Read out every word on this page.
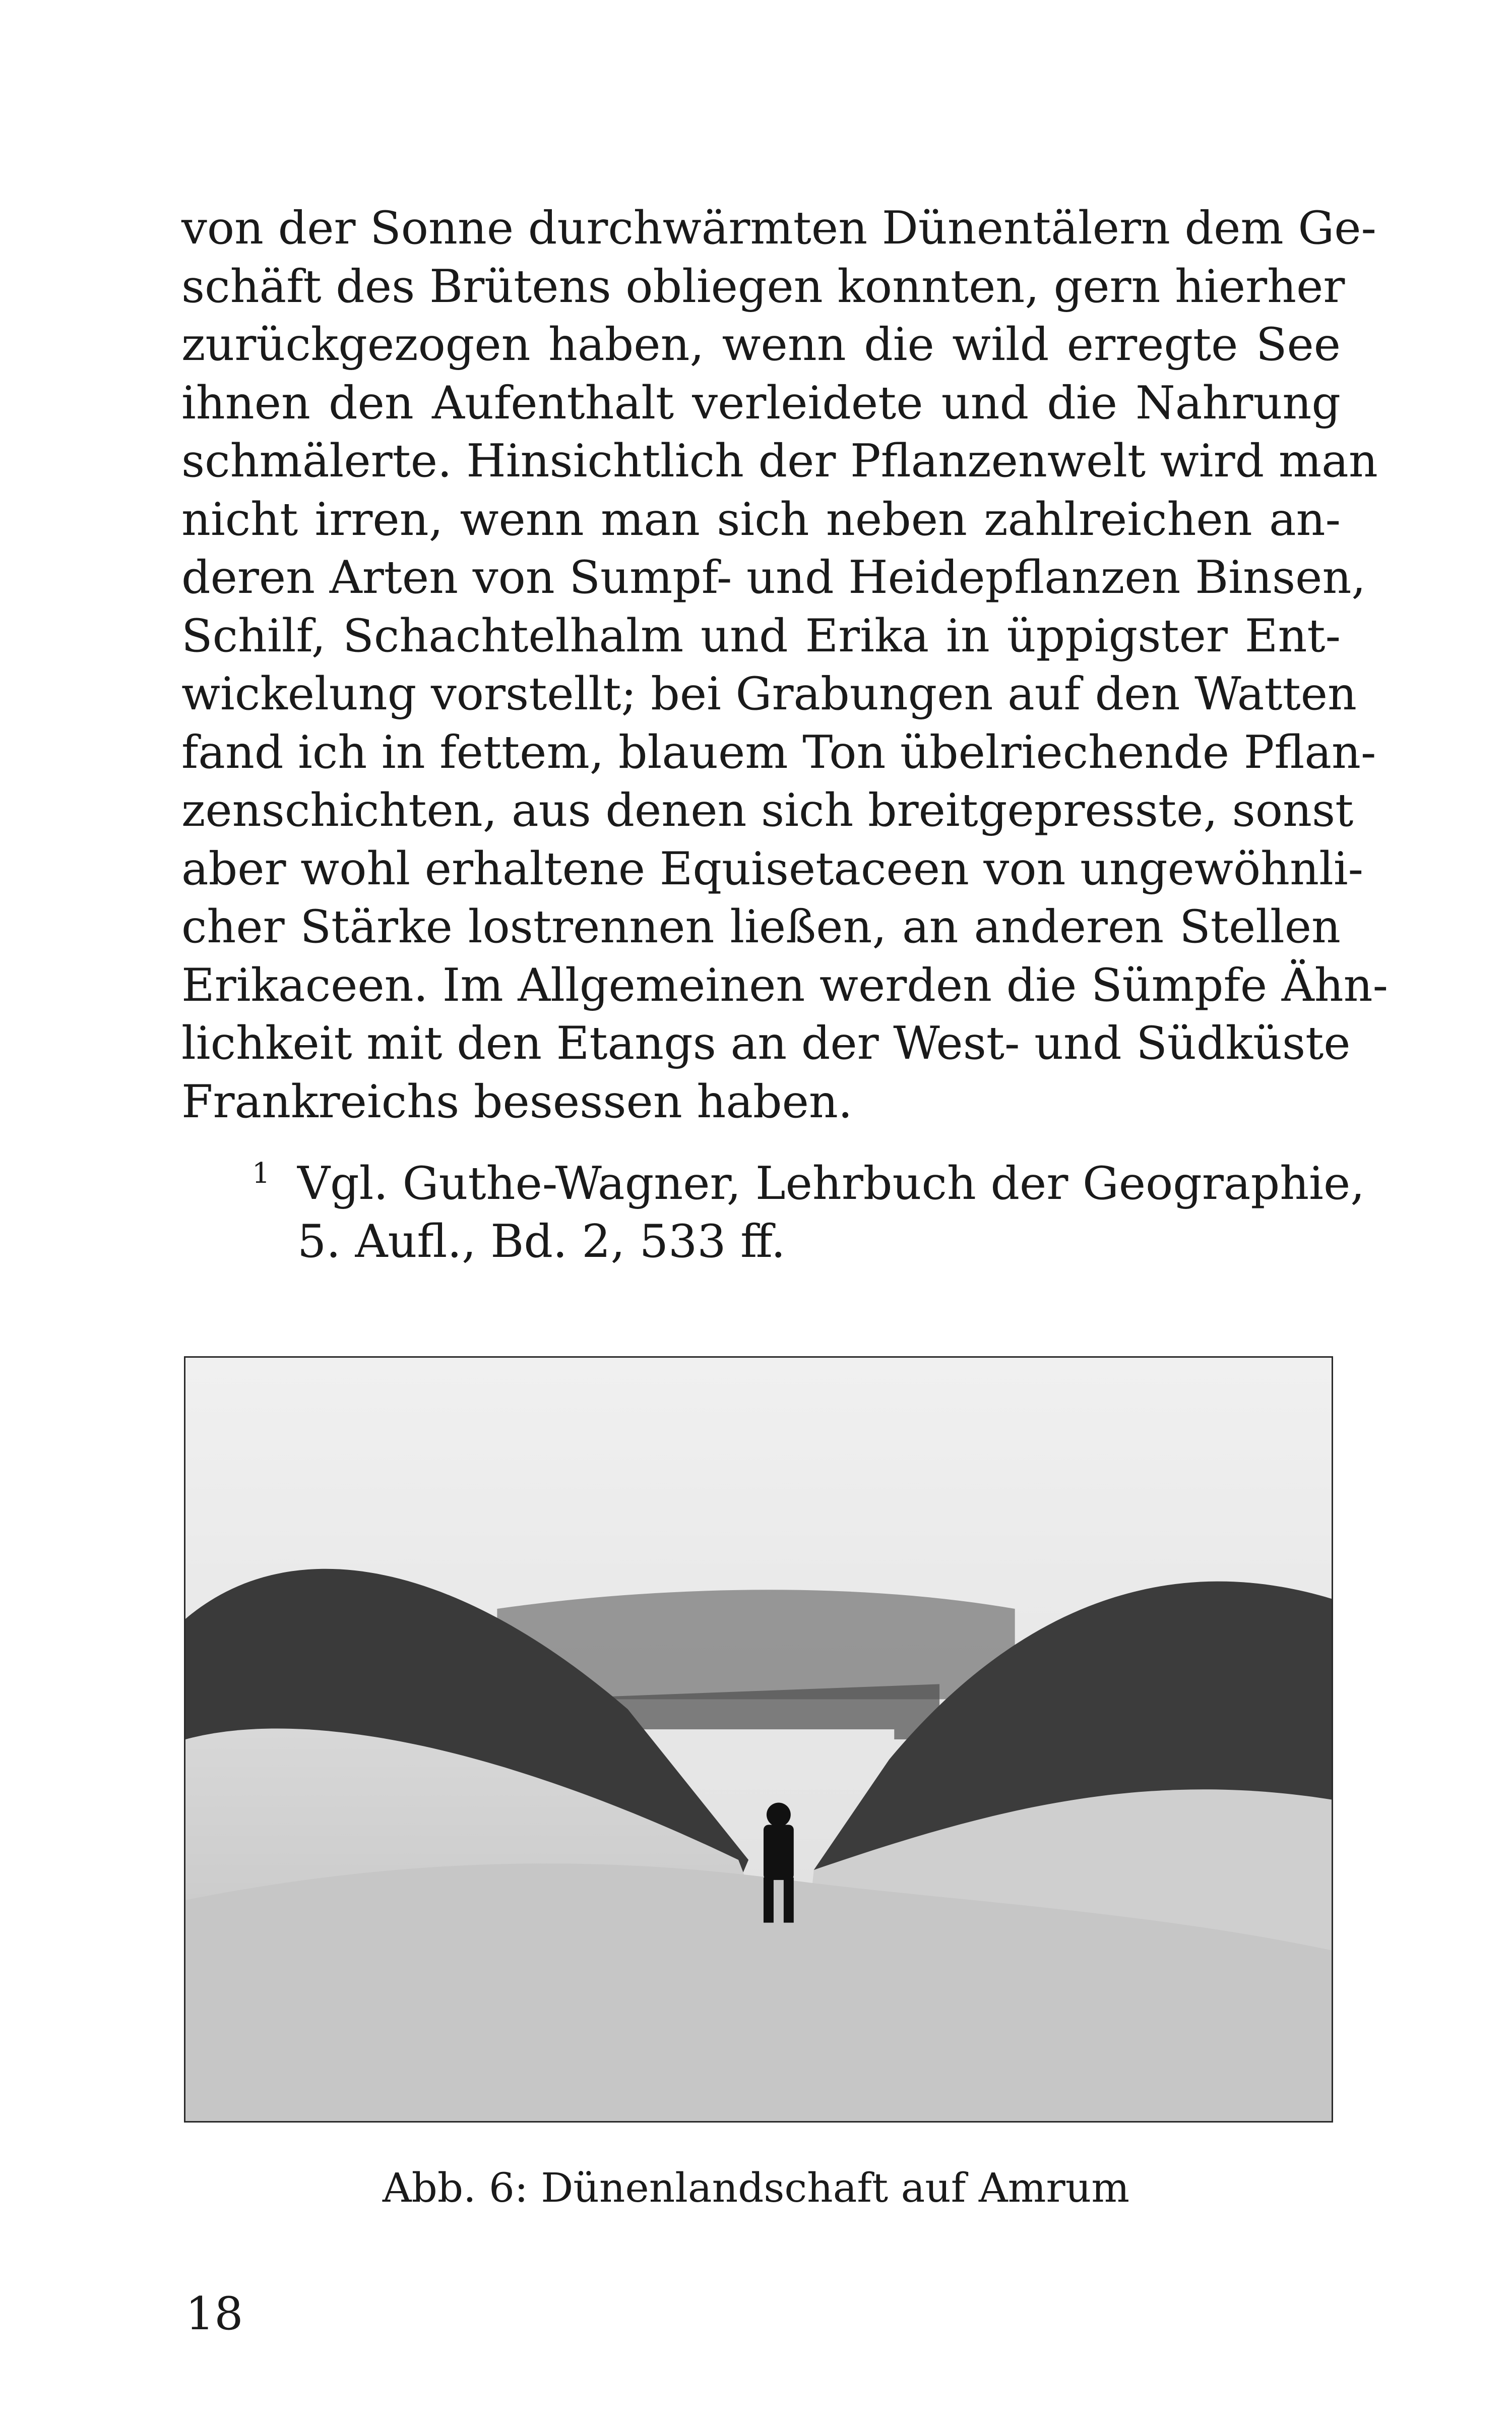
von der Sonne durchwärmten Dünentälern dem Ge-
schäft des Brütens obliegen konnten, gern hierher
zurückgezogen haben, wenn die wild erregte See
ihnen den Aufenthalt verleidete und die Nahrung
schmälerte. Hinsichtlich der Pflanzenwelt wird man
nicht irren, wenn man sich neben zahlreichen an-
deren Arten von Sumpf- und Heidepflanzen Binsen,
Schilf, Schachtelhalm und Erika in üppigster Ent-
wickelung vorstellt; bei Grabungen auf den Watten
fand ich in fettem, blauem Ton übelriechende Pflan-
zenschichten, aus denen sich breitgepresste, sonst
aber wohl erhaltene Equisetaceen von ungewöhnli-
cher Stärke lostrennen ließen, an anderen Stellen
Erikaceen. Im Allgemeinen werden die Sümpfe Ähn-
lichkeit mit den Etangs an der West- und Südküste
Frankreichs besessen haben.
1 Vgl. Guthe-Wagner, Lehrbuch der Geographie,
5. Aufl., Bd. 2, 533 ff.
Abb. 6: Dünenlandschaft auf Amrum
18
